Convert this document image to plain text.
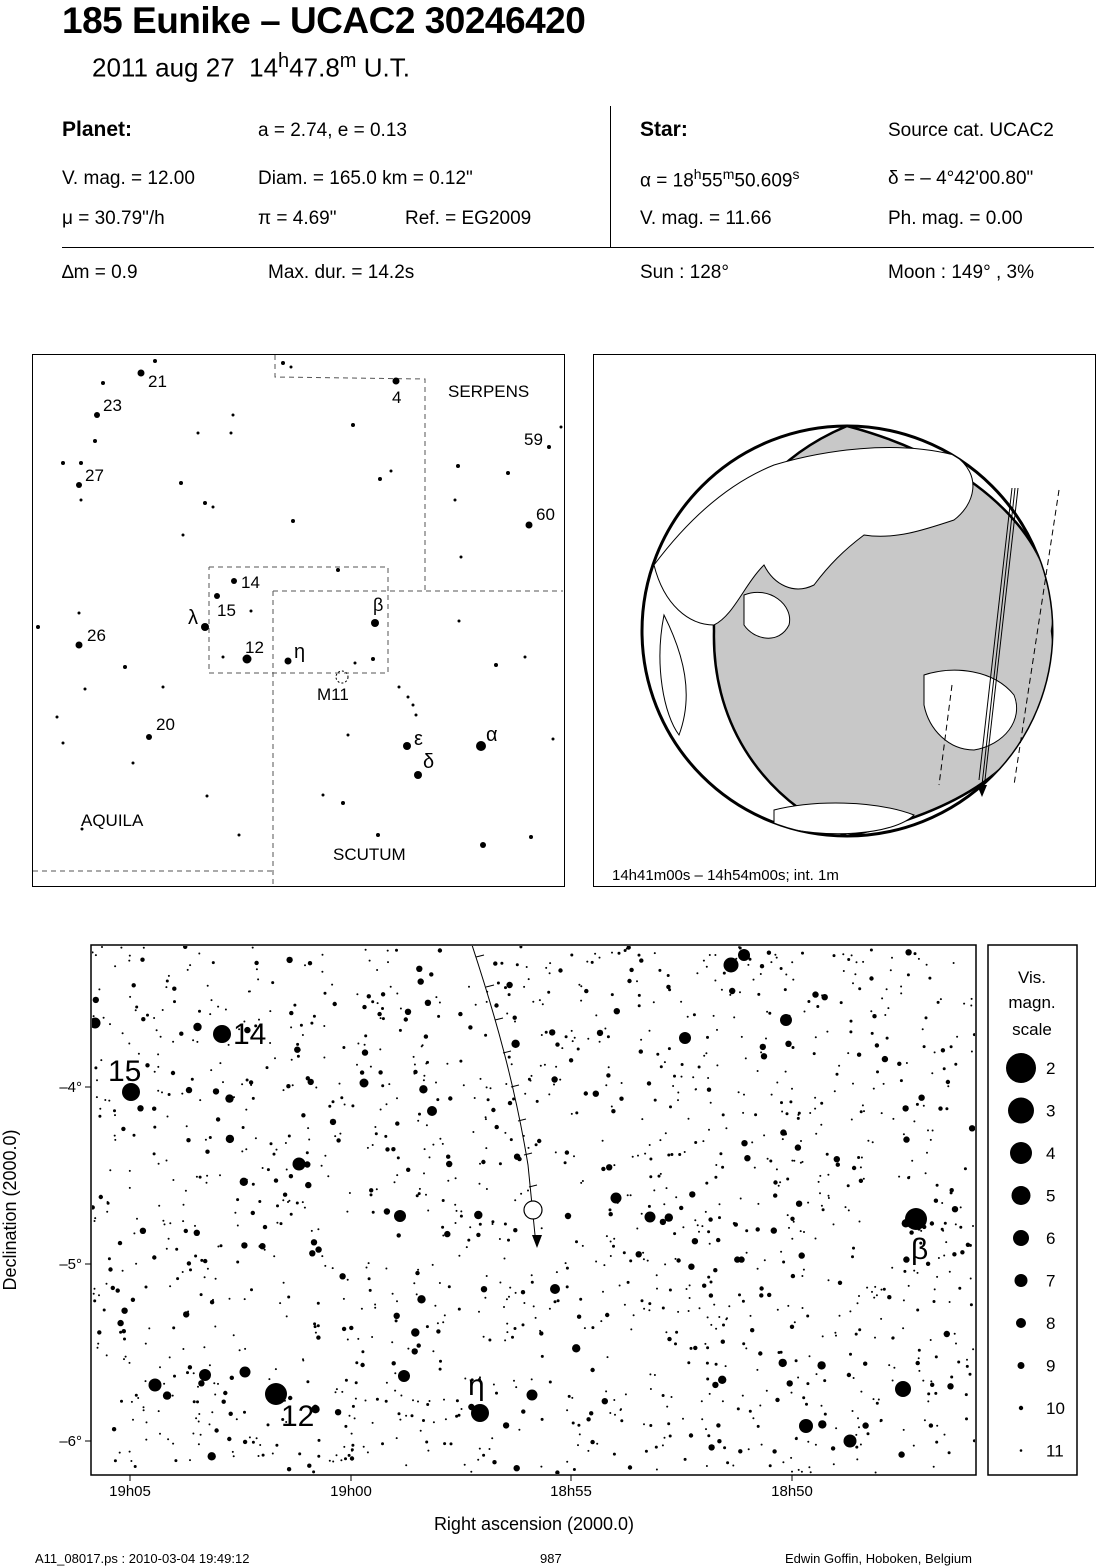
185 Eunike – UCAC2 30246420
2011 aug 27 14$^h$47.8$^m$ U.T.
Planet:	a = 2.74, e = 0.13
V. mag. = 12.00	Diam. = 165.0 km = 0.12"
μ = 30.79"/h	π = 4.69"	Ref. = EG2009
Star:	Source cat. UCAC2
$\alpha = 18^h55^m50.609^s$	δ = – 4°42'00.80"
V. mag. = 11.66	Ph. mag. = 0.00
∆m = 0.9	Max. dur. = 14.2s	Sun : 128°	Moon : 149° , 3%
SERPENS
AQUILA
SCUTUM
21
23
27
26
20
4
59
60
14
15
λ
12 η
β
M11
ε
δ
α
14h41m00s – 14h54m00s; int. 1m
14
15
12
η
β
–4°
–5°
–6°
19h05	19h00	18h55	18h50
Right ascension (2000.0)
Declination (2000.0)
Vis.
magn.
scale
2
3
4
5
6
7
8
9
10
11
A11_08017.ps : 2010-03-04 19:49:12	987	Edwin Goffin, Hoboken, Belgium
